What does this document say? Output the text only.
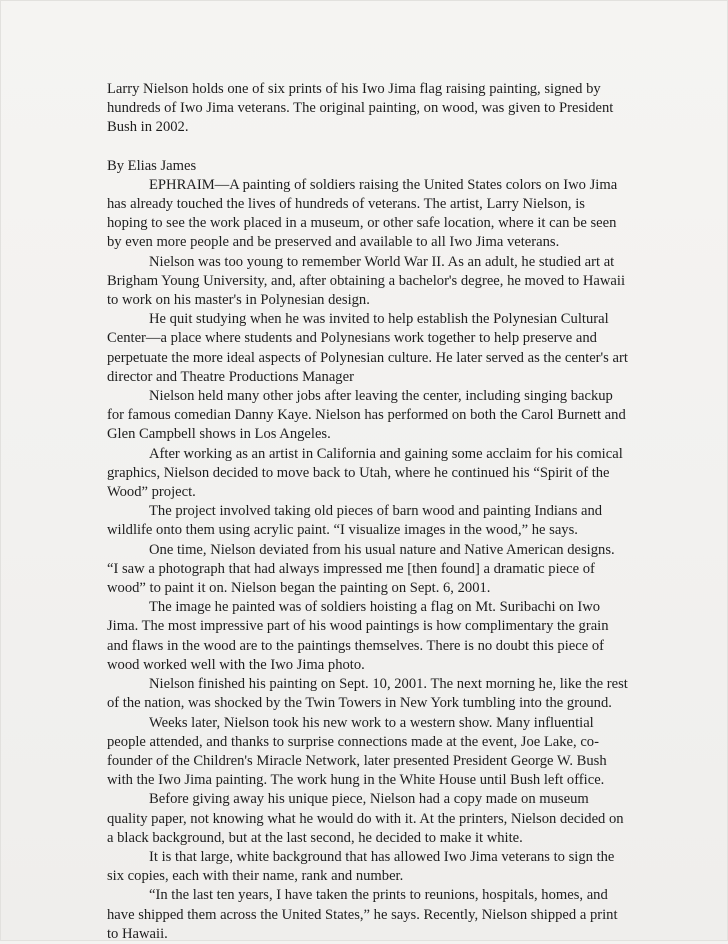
Larry Nielson holds one of six prints of his Iwo Jima flag raising painting, signed by hundreds of Iwo Jima veterans. The original painting, on wood, was given to President Bush in 2002.

By Elias James

EPHRAIM—A painting of soldiers raising the United States colors on Iwo Jima has already touched the lives of hundreds of veterans. The artist, Larry Nielson, is hoping to see the work placed in a museum, or other safe location, where it can be seen by even more people and be preserved and available to all Iwo Jima veterans.

Nielson was too young to remember World War II. As an adult, he studied art at Brigham Young University, and, after obtaining a bachelor's degree, he moved to Hawaii to work on his master's in Polynesian design.

He quit studying when he was invited to help establish the Polynesian Cultural Center—a place where students and Polynesians work together to help preserve and perpetuate the more ideal aspects of Polynesian culture. He later served as the center's art director and Theatre Productions Manager

Nielson held many other jobs after leaving the center, including singing backup for famous comedian Danny Kaye. Nielson has performed on both the Carol Burnett and Glen Campbell shows in Los Angeles.

After working as an artist in California and gaining some acclaim for his comical graphics, Nielson decided to move back to Utah, where he continued his “Spirit of the Wood” project.

The project involved taking old pieces of barn wood and painting Indians and wildlife onto them using acrylic paint. “I visualize images in the wood,” he says.

One time, Nielson deviated from his usual nature and Native American designs. “I saw a photograph that had always impressed me [then found] a dramatic piece of wood” to paint it on. Nielson began the painting on Sept. 6, 2001.

The image he painted was of soldiers hoisting a flag on Mt. Suribachi on Iwo Jima. The most impressive part of his wood paintings is how complimentary the grain and flaws in the wood are to the paintings themselves. There is no doubt this piece of wood worked well with the Iwo Jima photo.

Nielson finished his painting on Sept. 10, 2001. The next morning he, like the rest of the nation, was shocked by the Twin Towers in New York tumbling into the ground.

Weeks later, Nielson took his new work to a western show. Many influential people attended, and thanks to surprise connections made at the event, Joe Lake, co-founder of the Children's Miracle Network, later presented President George W. Bush with the Iwo Jima painting. The work hung in the White House until Bush left office.

Before giving away his unique piece, Nielson had a copy made on museum quality paper, not knowing what he would do with it. At the printers, Nielson decided on a black background, but at the last second, he decided to make it white.

It is that large, white background that has allowed Iwo Jima veterans to sign the six copies, each with their name, rank and number.

“In the last ten years, I have taken the prints to reunions, hospitals, homes, and have shipped them across the United States,” he says. Recently, Nielson shipped a print to Hawaii.
